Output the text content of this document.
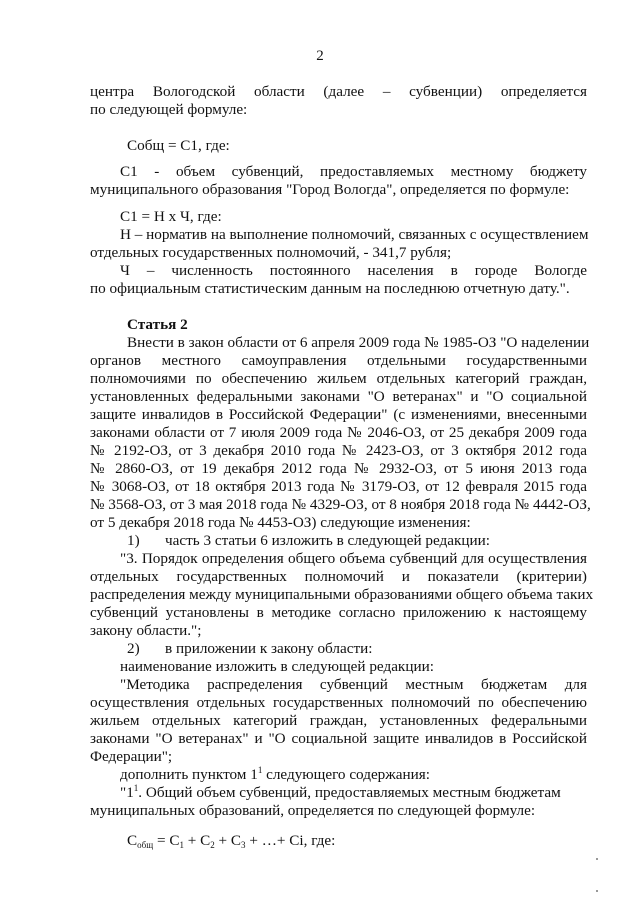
2
центра Вологодской области (далее – субвенции) определяется
по следующей формуле:
Cобщ = C1, где:
C1 - объем субвенций, предоставляемых местному бюджету
муниципального образования "Город Вологда", определяется по формуле:
C1 = Н x Ч, где:
Н – норматив на выполнение полномочий, связанных с осуществлением
отдельных государственных полномочий, - 341,7 рубля;
Ч – численность постоянного населения в городе Вологде
по официальным статистическим данным на последнюю отчетную дату.".
Статья 2
Внести в закон области от 6 апреля 2009 года № 1985-ОЗ "О наделении
органов местного самоуправления отдельными государственными
полномочиями по обеспечению жильем отдельных категорий граждан,
установленных федеральными законами "О ветеранах" и "О социальной
защите инвалидов в Российской Федерации" (с изменениями, внесенными
законами области от 7 июля 2009 года № 2046-ОЗ, от 25 декабря 2009 года
№ 2192-ОЗ, от 3 декабря 2010 года № 2423-ОЗ, от 3 октября 2012 года
№ 2860-ОЗ, от 19 декабря 2012 года № 2932-ОЗ, от 5 июня 2013 года
№ 3068-ОЗ, от 18 октября 2013 года № 3179-ОЗ, от 12 февраля 2015 года
№ 3568-ОЗ, от 3 мая 2018 года № 4329-ОЗ, от 8 ноября 2018 года № 4442-ОЗ,
от 5 декабря 2018 года № 4453-ОЗ) следующие изменения:
1)	часть 3 статьи 6 изложить в следующей редакции:
"3. Порядок определения общего объема субвенций для осуществления
отдельных государственных полномочий и показатели (критерии)
распределения между муниципальными образованиями общего объема таких
субвенций установлены в методике согласно приложению к настоящему
закону области.";
2)	в приложении к закону области:
наименование изложить в следующей редакции:
"Методика распределения субвенций местным бюджетам для
осуществления отдельных государственных полномочий по обеспечению
жильем отдельных категорий граждан, установленных федеральными
законами "О ветеранах" и "О социальной защите инвалидов в Российской
Федерации";
дополнить пунктом $1^1$ следующего содержания:
"$1^1$. Общий объем субвенций, предоставляемых местным бюджетам
муниципальных образований, определяется по следующей формуле:
$C_{общ} = C_1 + C_2 + C_3$ + …+ Ci, где:
